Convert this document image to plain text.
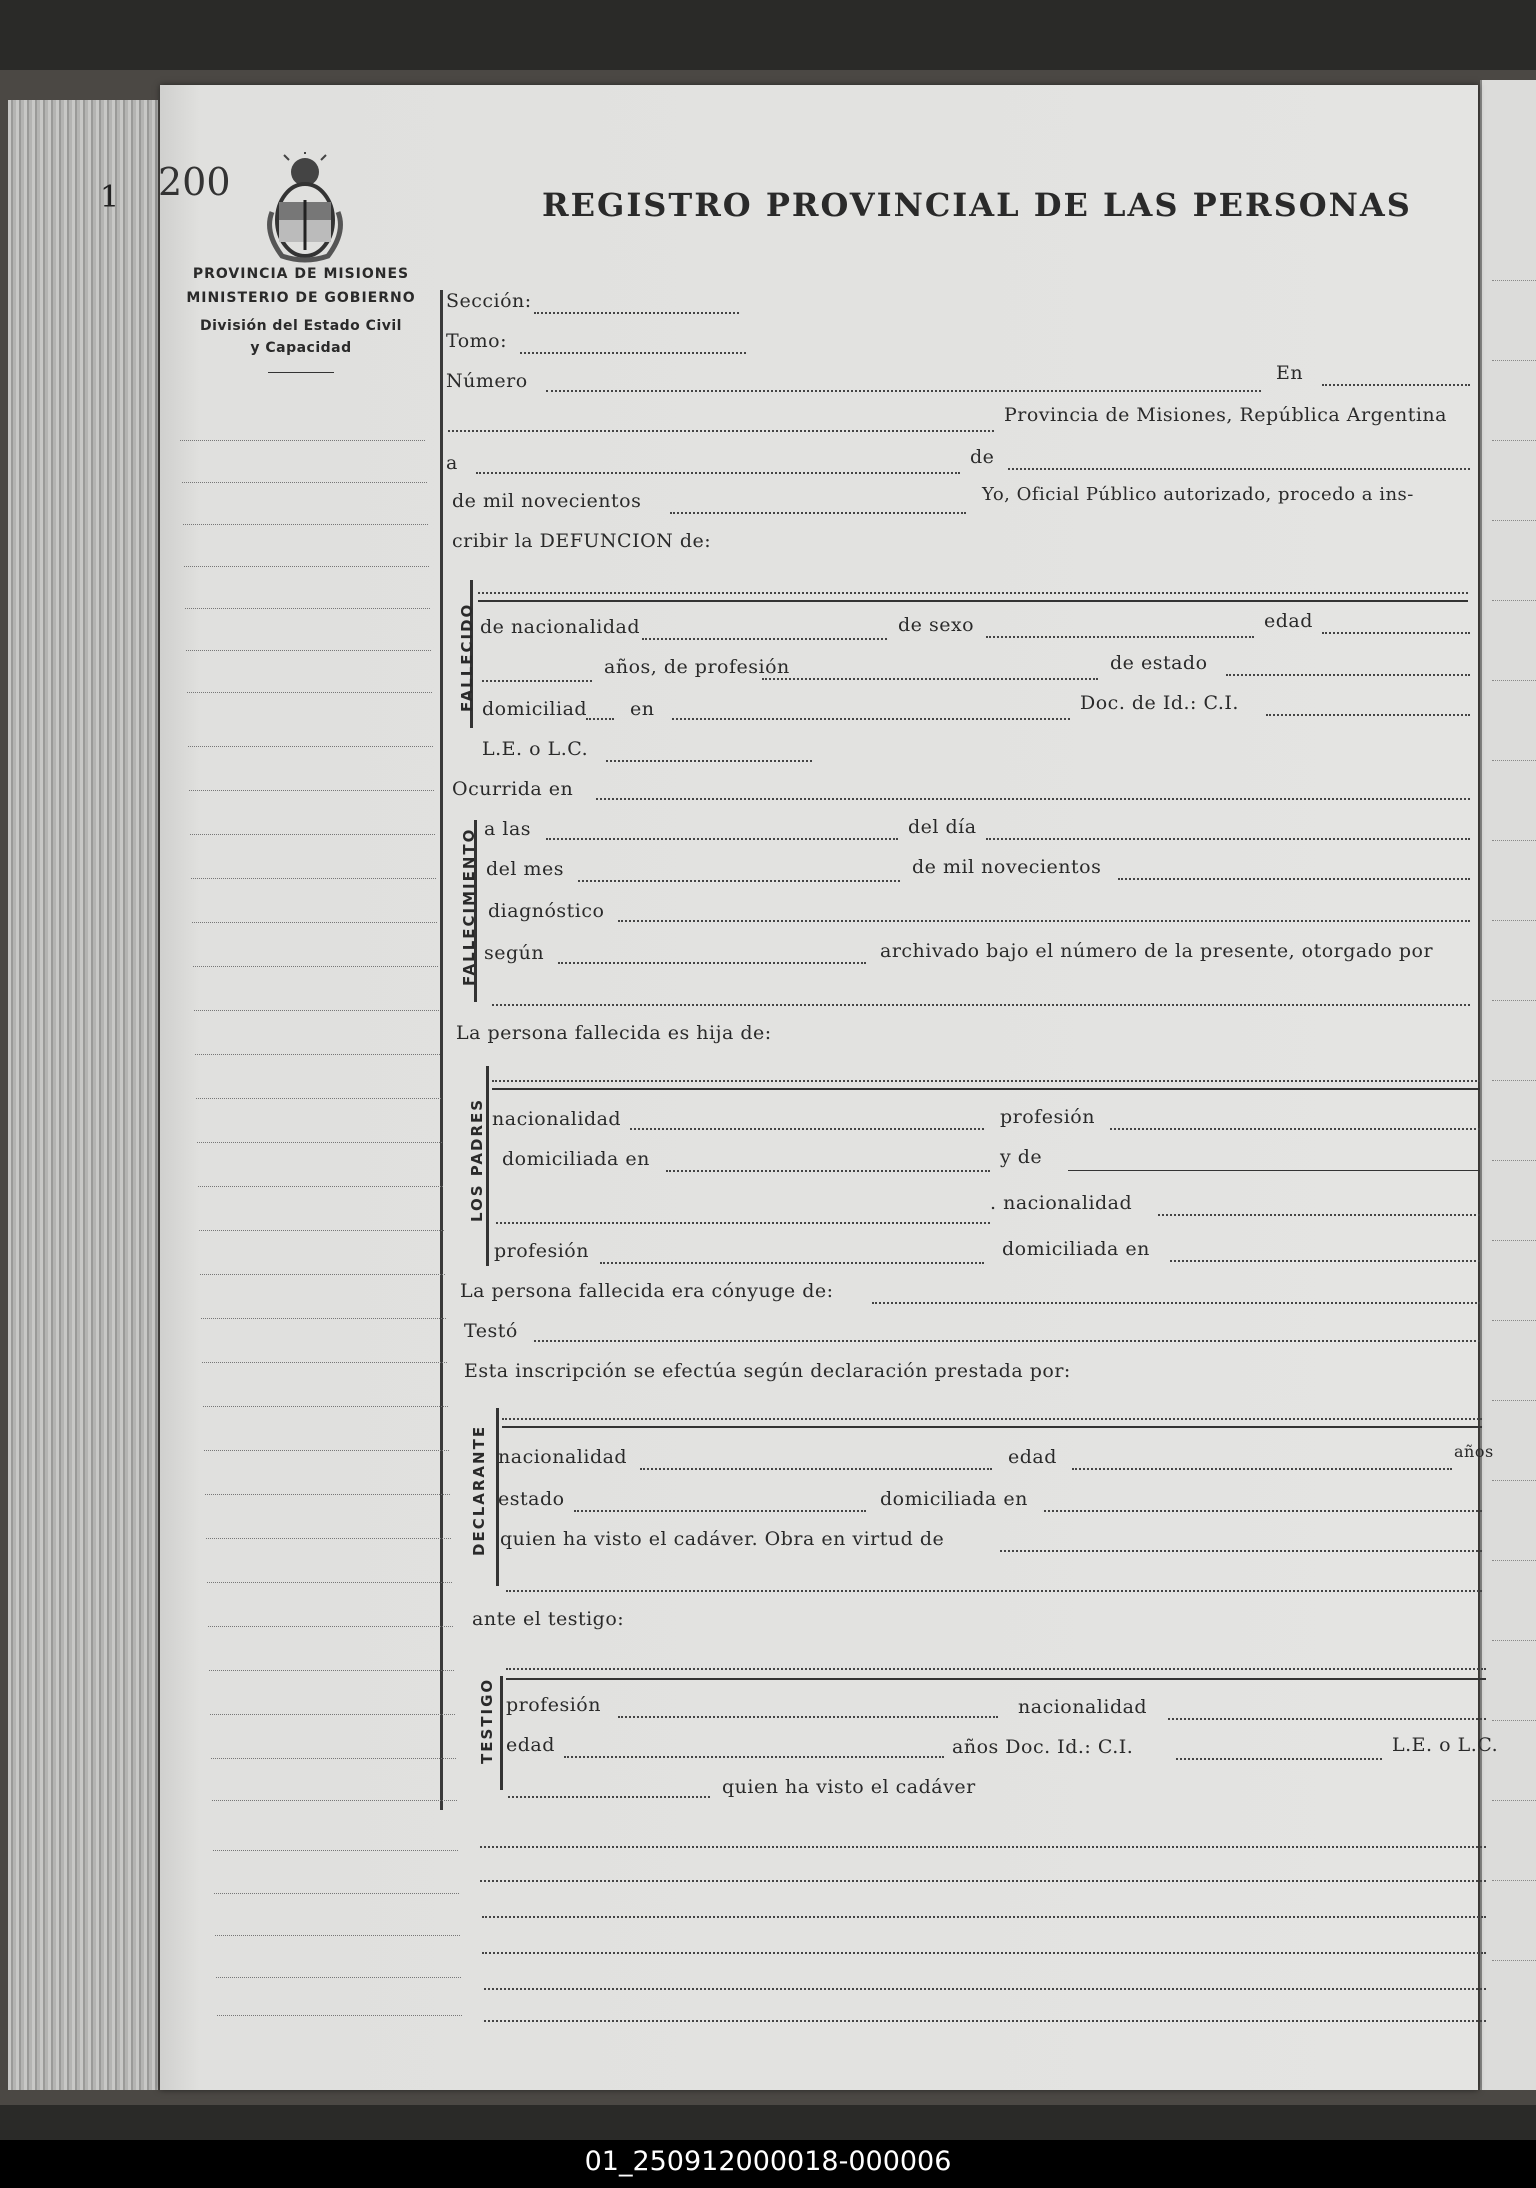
1 200
PROVINCIA DE MISIONES
MINISTERIO DE GOBIERNO
División del Estado Civil
y Capacidad
REGISTRO PROVINCIAL DE LAS PERSONAS
Sección:
Tomo:
Número	En
Provincia de Misiones, República Argentina
a	de
de mil novecientos	Yo, Oficial Público autorizado, procedo a ins-
cribir la DEFUNCION de:
FALLECIDO de nacionalidad	de sexo	edad
años, de profesión	de estado
domiciliad en	Doc. de Id.: C.I.
L.E. o L.C.
Ocurrida en
FALLECIMIENTO a las	del día
del mes	de mil novecientos
diagnóstico
según	archivado bajo el número de la presente, otorgado por
La persona fallecida es hija de:
LOS PADRES nacionalidad	profesión
domiciliada en	y de
. nacionalidad
profesión	domiciliada en
La persona fallecida era cónyuge de:
Testó
Esta inscripción se efectúa según declaración prestada por:
DECLARANTE nacionalidad	edad	años
estado	domiciliada en
quien ha visto el cadáver. Obra en virtud de
ante el testigo:
TESTIGO profesión	nacionalidad
edad	años Doc. Id.: C.I.	L.E. o L.C.
quien ha visto el cadáver
01_250912000018-000006
